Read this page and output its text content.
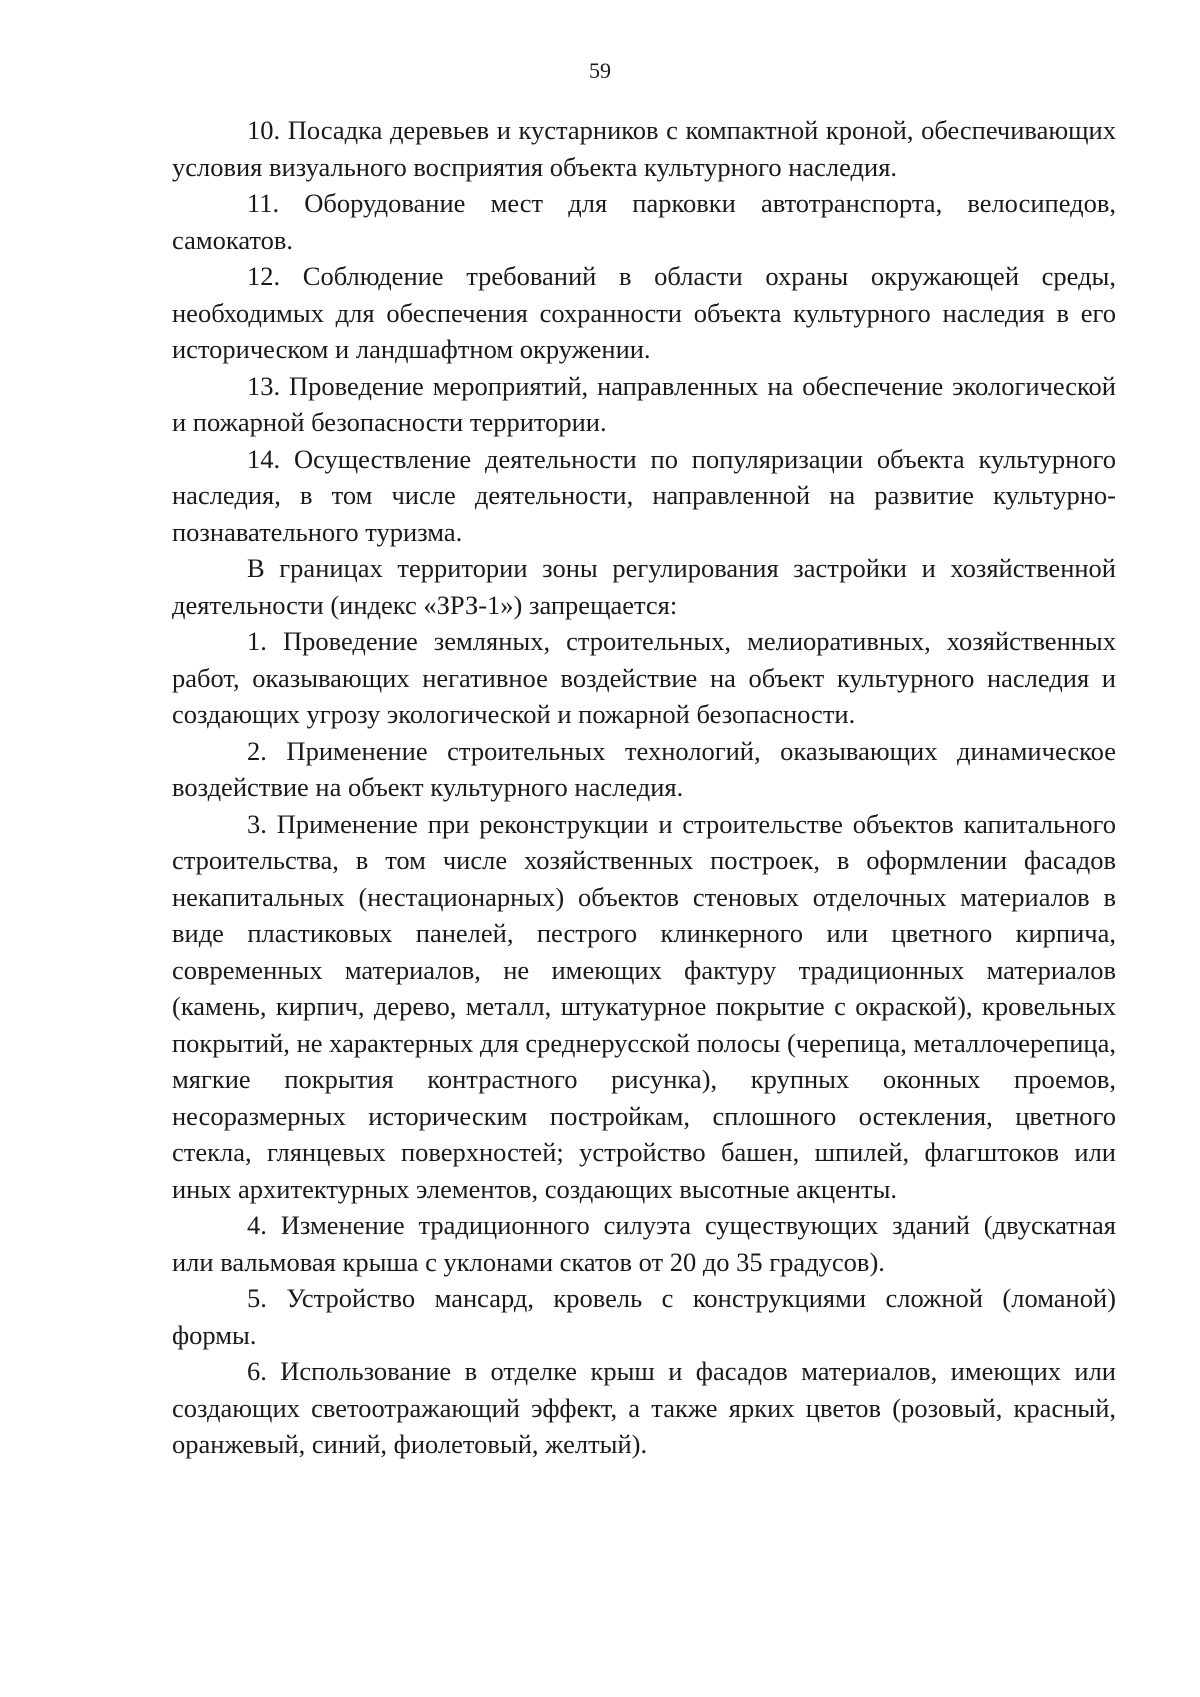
59

10. Посадка деревьев и кустарников с компактной кроной, обеспечивающих условия визуального восприятия объекта культурного наследия.

11. Оборудование мест для парковки автотранспорта, велосипедов, самокатов.

12. Соблюдение требований в области охраны окружающей среды, необходимых для обеспечения сохранности объекта культурного наследия в его историческом и ландшафтном окружении.

13. Проведение мероприятий, направленных на обеспечение экологической и пожарной безопасности территории.

14. Осуществление деятельности по популяризации объекта культурного наследия, в том числе деятельности, направленной на развитие культурно-познавательного туризма.

В границах территории зоны регулирования застройки и хозяйственной деятельности (индекс «ЗРЗ-1») запрещается:

1. Проведение земляных, строительных, мелиоративных, хозяйственных работ, оказывающих негативное воздействие на объект культурного наследия и создающих угрозу экологической и пожарной безопасности.

2. Применение строительных технологий, оказывающих динамическое воздействие на объект культурного наследия.

3. Применение при реконструкции и строительстве объектов капитального строительства, в том числе хозяйственных построек, в оформлении фасадов некапитальных (нестационарных) объектов стеновых отделочных материалов в виде пластиковых панелей, пестрого клинкерного или цветного кирпича, современных материалов, не имеющих фактуру традиционных материалов (камень, кирпич, дерево, металл, штукатурное покрытие с окраской), кровельных покрытий, не характерных для среднерусской полосы (черепица, металлочерепица, мягкие покрытия контрастного рисунка), крупных оконных проемов, несоразмерных историческим постройкам, сплошного остекления, цветного стекла, глянцевых поверхностей; устройство башен, шпилей, флагштоков или иных архитектурных элементов, создающих высотные акценты.

4. Изменение традиционного силуэта существующих зданий (двускатная или вальмовая крыша с уклонами скатов от 20 до 35 градусов).

5. Устройство мансард, кровель с конструкциями сложной (ломаной) формы.

6. Использование в отделке крыш и фасадов материалов, имеющих или создающих светоотражающий эффект, а также ярких цветов (розовый, красный, оранжевый, синий, фиолетовый, желтый).
